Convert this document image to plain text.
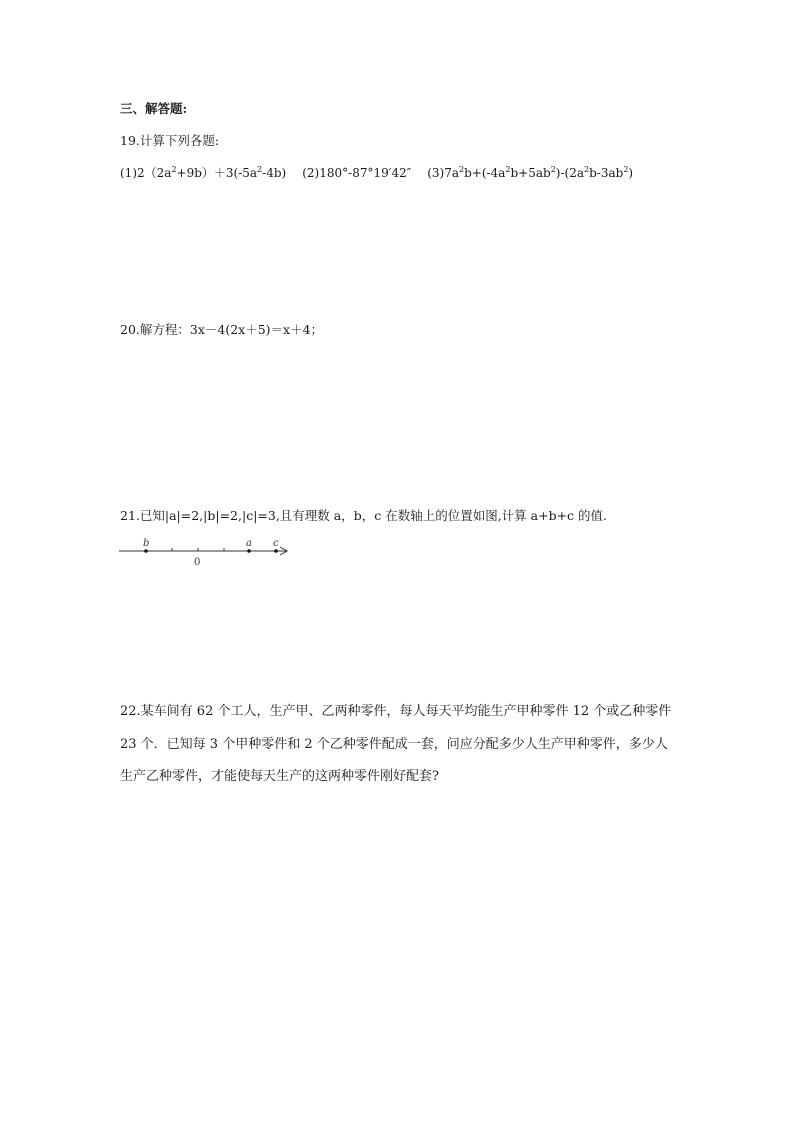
三、解答题:
19.计算下列各题:
$(1)2(2a^2+9b)+3(-5a^2-4b)$ (2)180°-87°19′42″ $(3)7a^2b+(-4a^2b+5ab^2)-(2a^2b-3ab^2)$
20.解方程：3x－4(2x＋5)＝x＋4；
21.已知|a|=2,|b|=2,|c|=3,且有理数 a，b，c 在数轴上的位置如图,计算 a+b+c 的值.
b	a c
0
22.某车间有 62 个工人，生产甲、乙两种零件，每人每天平均能生产甲种零件 12 个或乙种零件
23 个．已知每 3 个甲种零件和 2 个乙种零件配成一套，问应分配多少人生产甲种零件，多少人
生产乙种零件，才能使每天生产的这两种零件刚好配套?
